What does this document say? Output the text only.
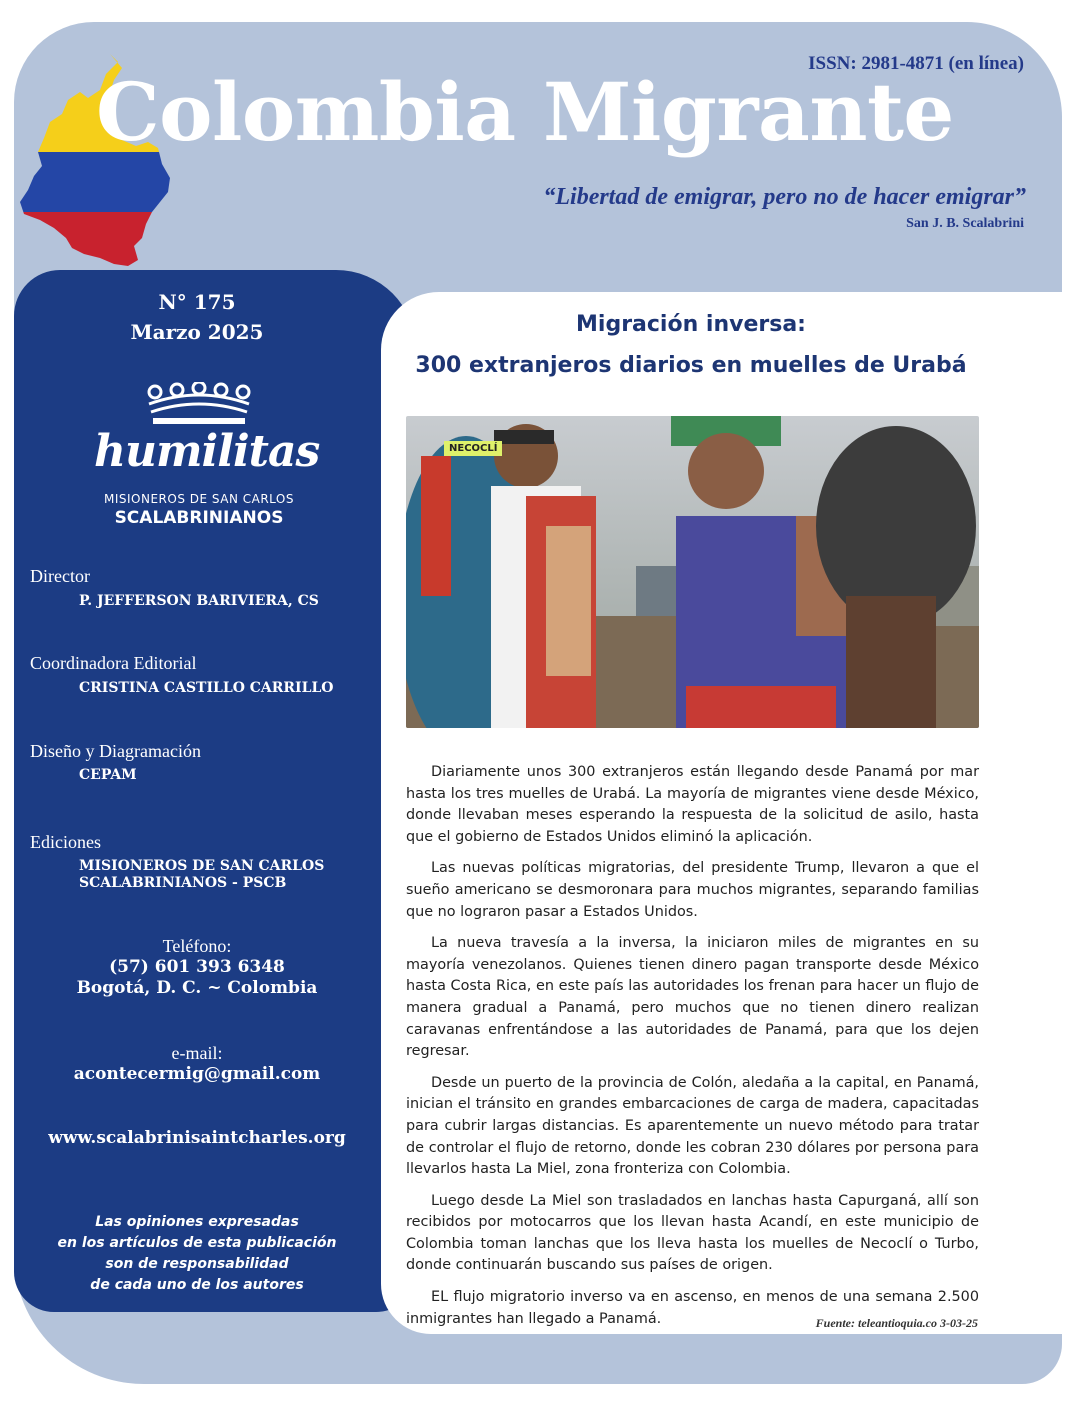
Colombia Migrante
ISSN: 2981-4871 (en línea)
“Libertad de emigrar, pero no de hacer emigrar”
San J. B. Scalabrini
N° 175
Marzo 2025
humilitas
MISIONEROS DE SAN CARLOS
SCALABRINIANOS
Director
P. JEFFERSON BARIVIERA, CS
Coordinadora Editorial
CRISTINA CASTILLO CARRILLO
Diseño y Diagramación
CEPAM
Ediciones
MISIONEROS DE SAN CARLOS
SCALABRINIANOS - PSCB
Teléfono:
(57) 601 393 6348
Bogotá, D. C. ~ Colombia
e-mail:
acontecermig@gmail.com
www.scalabrinisaintcharles.org
Las opiniones expresadas
en los artículos de esta publicación
son de responsabilidad
de cada uno de los autores
Migración inversa:
300 extranjeros diarios en muelles de Urabá
NECOCLÍ

Diariamente unos 300 extranjeros están llegando desde Panamá por mar hasta los tres muelles de Urabá. La mayoría de migrantes viene desde México, donde llevaban meses esperando la respuesta de la solicitud de asilo, hasta que el gobierno de Estados Unidos eliminó la aplicación.

Las nuevas políticas migratorias, del presidente Trump, llevaron a que el sueño americano se desmoronara para muchos migrantes, separando familias que no lograron pasar a Estados Unidos.

La nueva travesía a la inversa, la iniciaron miles de migrantes en su mayoría venezolanos. Quienes tienen dinero pagan transporte desde México hasta Costa Rica, en este país las autoridades los frenan para hacer un flujo de manera gradual a Panamá, pero muchos que no tienen dinero realizan caravanas enfrentándose a las autoridades de Panamá, para que los dejen regresar.

Desde un puerto de la provincia de Colón, aledaña a la capital, en Panamá, inician el tránsito en grandes embarcaciones de carga de madera, capacitadas para cubrir largas distancias. Es aparentemente un nuevo método para tratar de controlar el flujo de retorno, donde les cobran 230 dólares por persona para llevarlos hasta La Miel, zona fronteriza con Colombia.

Luego desde La Miel son trasladados en lanchas hasta Capurganá, allí son recibidos por motocarros que los llevan hasta Acandí, en este municipio de Colombia toman lanchas que los lleva hasta los muelles de Necoclí o Turbo, donde continuarán buscando sus países de origen.

EL flujo migratorio inverso va en ascenso, en menos de una semana 2.500 inmigrantes han llegado a Panamá.	Fuente: teleantioquia.co 3-03-25
